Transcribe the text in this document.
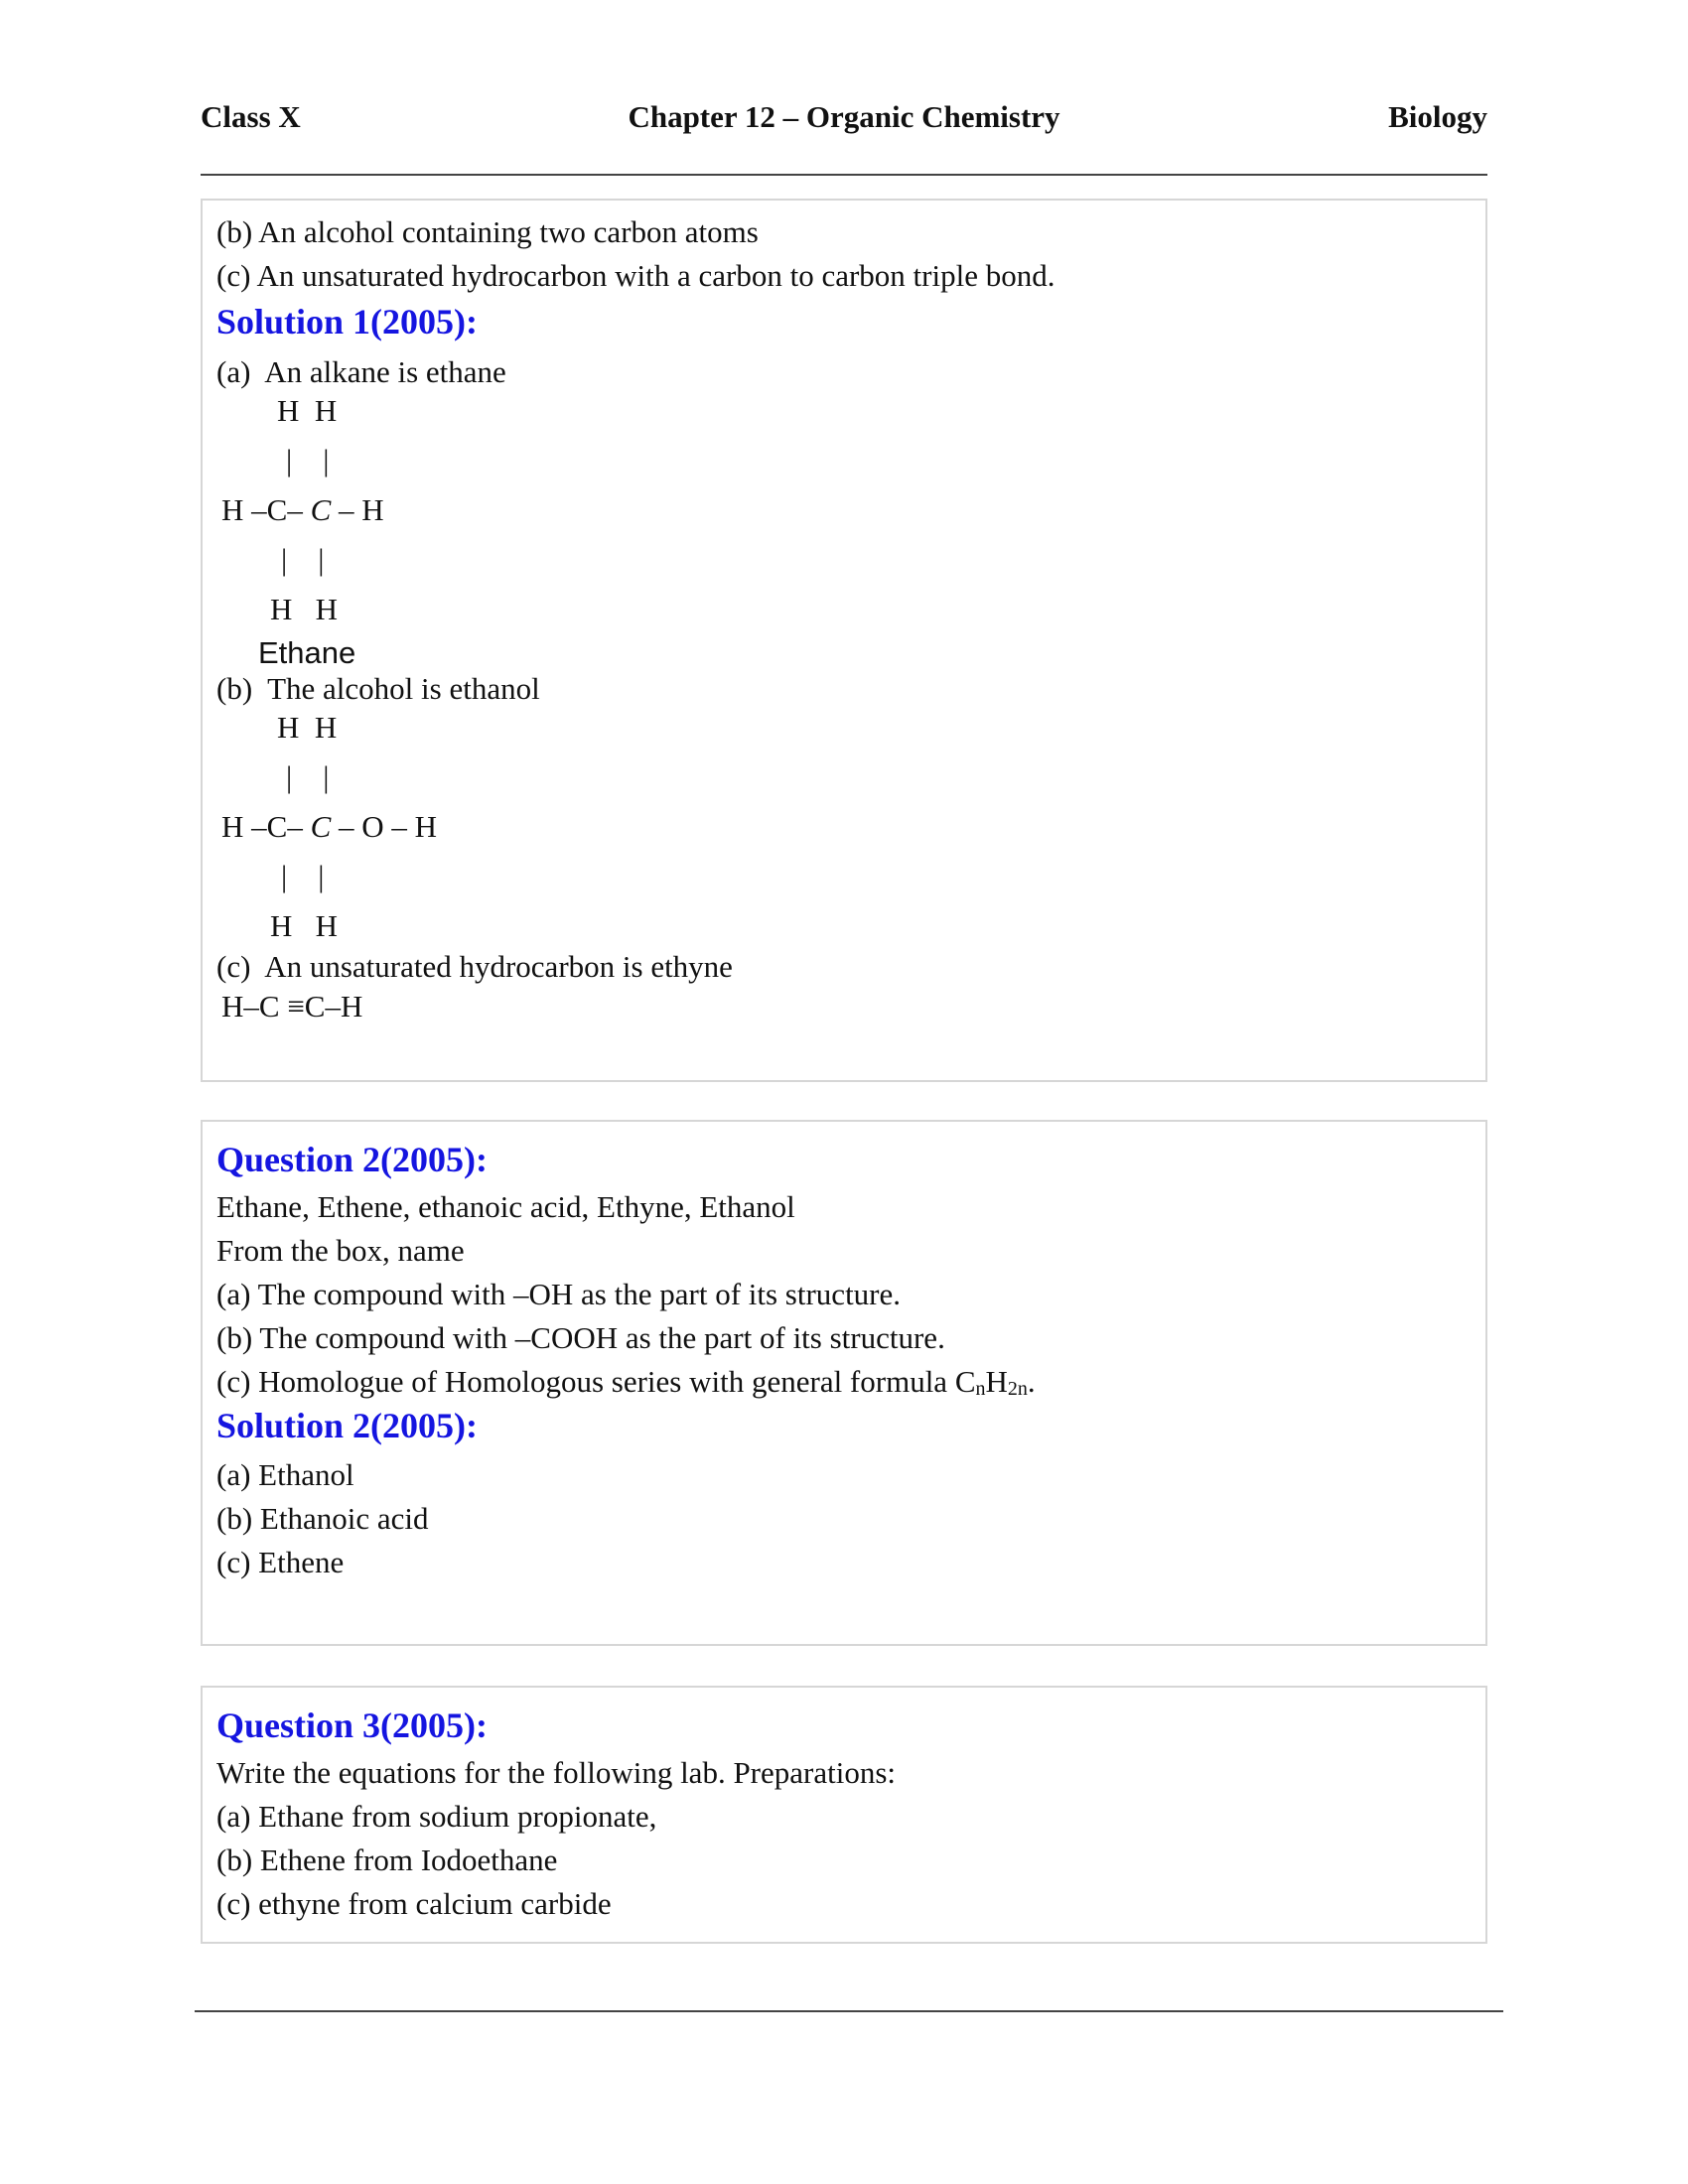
Chapter 12 – Organic Chemistry
Class X	Biology
(b) An alcohol containing two carbon atoms
(c) An unsaturated hydrocarbon with a carbon to carbon triple bond.
Solution 1(2005):
(a)  An alkane is ethane
H  H
|    |
H –C– C – H
|    |
H   H
Ethane
(b)  The alcohol is ethanol
H  H
|    |
H –C– C – O – H
|    |
H   H
(c)  An unsaturated hydrocarbon is ethyne
H–C ≡C–H
Question 2(2005):
Ethane, Ethene, ethanoic acid, Ethyne, Ethanol
From the box, name
(a) The compound with –OH as the part of its structure.
(b) The compound with –COOH as the part of its structure.
(c) Homologue of Homologous series with general formula $C_nH_{2n}$.
Solution 2(2005):
(a) Ethanol
(b) Ethanoic acid
(c) Ethene
Question 3(2005):
Write the equations for the following lab. Preparations:
(a) Ethane from sodium propionate,
(b) Ethene from Iodoethane
(c) ethyne from calcium carbide
